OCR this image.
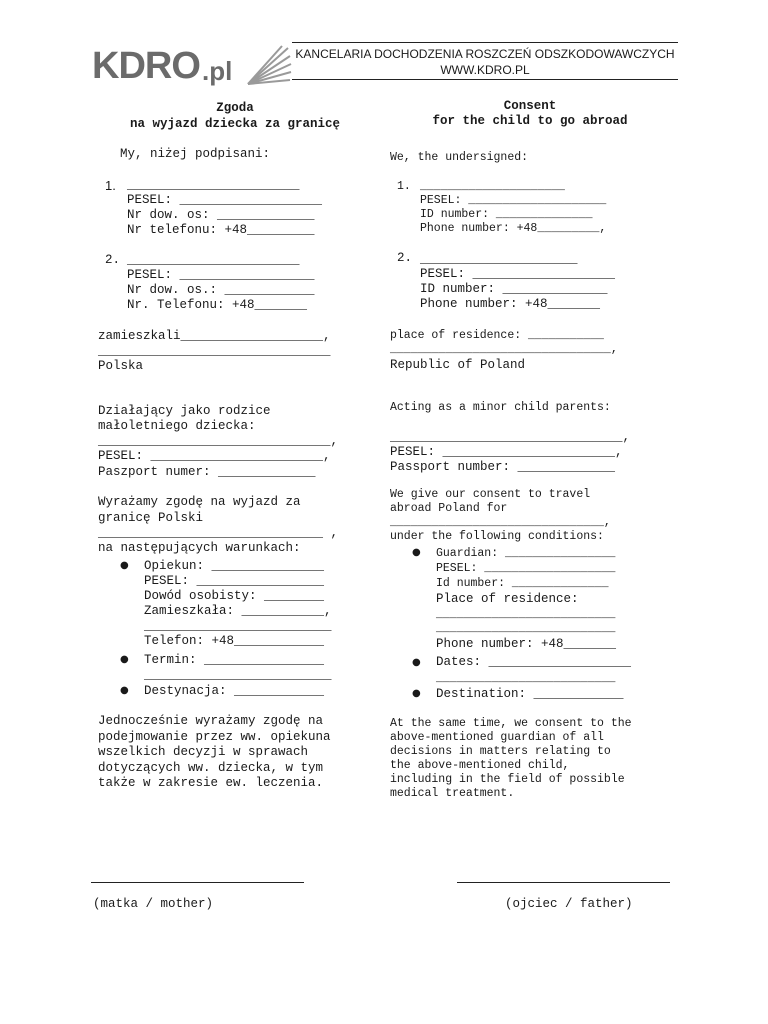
KDRO .pl
KANCELARIA DOCHODZENIA ROSZCZEŃ ODSZKODOWAWCZYCH
WWW.KDRO.PL
Zgoda
na wyjazd dziecka za granicę
My, niżej podpisani:
1. _______________________
PESEL: ___________________
Nr dow. os: _____________
Nr telefonu: +48_________
2. _______________________
PESEL: __________________
Nr dow. os.: ____________
Nr. Telefonu: +48_______
zamieszkali___________________,
_______________________________
Polska
Działający jako rodzice
małoletniego dziecka:
_______________________________,
PESEL: _______________________,
Paszport numer: _____________
Wyrażamy zgodę na wyjazd za
granicę Polski
______________________________ ,
na następujących warunkach:
● Opiekun: _______________
PESEL: _________________
Dowód osobisty: ________
Zamieszkała: ___________,
_________________________
Telefon: +48____________
● Termin: ________________
_________________________
● Destynacja: ____________
Jednocześnie wyrażamy zgodę na
podejmowanie przez ww. opiekuna
wszelkich decyzji w sprawach
dotyczących ww. dziecka, w tym
także w zakresie ew. leczenia.
Consent
for the child to go abroad
We, the undersigned:
1. _____________________
PESEL: ____________________
ID number: ______________
Phone number: +48_________,
2. _____________________
PESEL: ___________________
ID number: ______________
Phone number: +48_______
place of residence: ___________
________________________________,
Republic of Poland
Acting as a minor child parents:
_______________________________,
PESEL: _______________________,
Passport number: _____________
We give our consent to travel
abroad Poland for
_______________________________,
under the following conditions:
● Guardian: ________________
PESEL: ___________________
Id number: ______________
Place of residence:
__________________________
__________________________
Phone number: +48_______
● Dates: ___________________
__________________________
● Destination: ____________
At the same time, we consent to the
above-mentioned guardian of all
decisions in matters relating to
the above-mentioned child,
including in the field of possible
medical treatment.
(matka / mother)	(ojciec / father)
